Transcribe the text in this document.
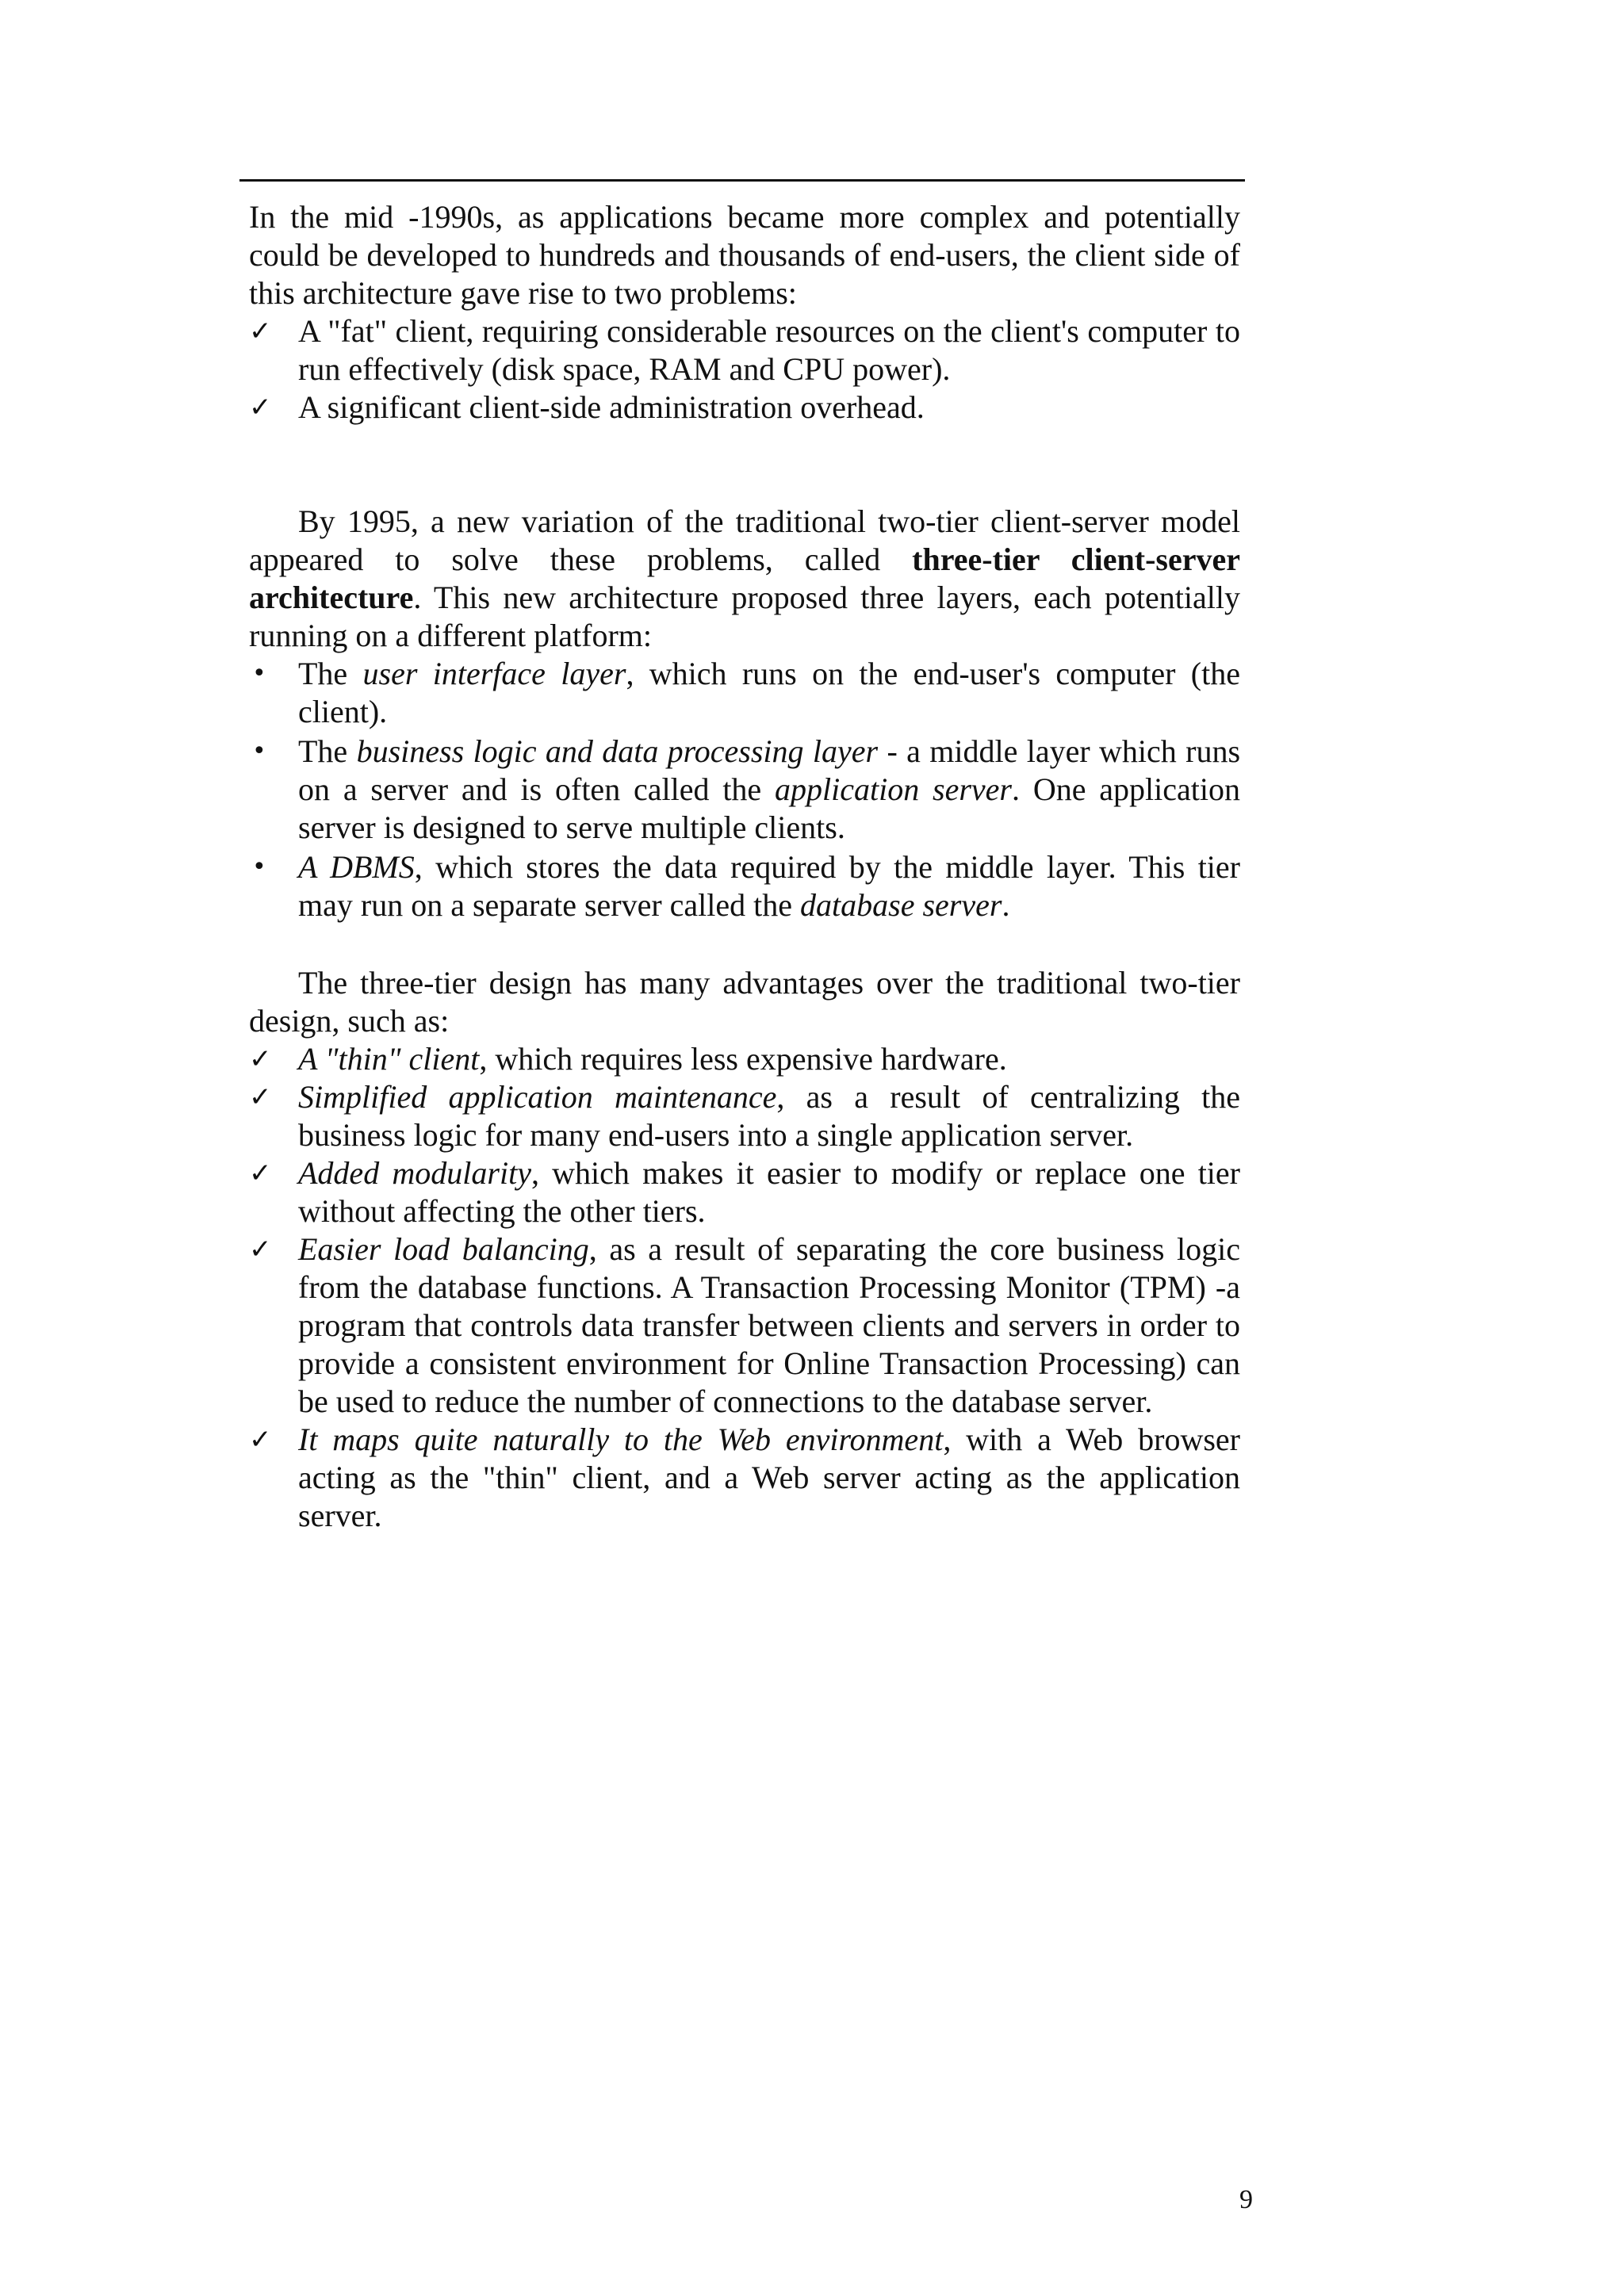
In the mid -1990s, as applications became more complex and potentially could be developed to hundreds and thousands of end-users, the client side of this architecture gave rise to two problems:

✓ A "fat" client, requiring considerable resources on the client's computer to run effectively (disk space, RAM and CPU power).
✓ A significant client-side administration overhead.

By 1995, a new variation of the traditional two-tier client-server model appeared to solve these problems, called three-tier client-server architecture. This new architecture proposed three layers, each potentially running on a different platform:

•	The user interface layer, which runs on the end-user's computer (the client).
•	The business logic and data processing layer - a middle layer which runs on a server and is often called the application server. One application server is designed to serve multiple clients.
•	A DBMS, which stores the data required by the middle layer. This tier may run on a separate server called the database server.

The three-tier design has many advantages over the traditional two-tier design, such as:

✓ A "thin" client, which requires less expensive hardware.
✓ Simplified application maintenance, as a result of centralizing the business logic for many end-users into a single application server.
✓ Added modularity, which makes it easier to modify or replace one tier without affecting the other tiers.
✓ Easier load balancing, as a result of separating the core business logic from the database functions. A Transaction Processing Monitor (TPM) -a program that controls data transfer between clients and servers in order to provide a consistent environment for Online Transaction Processing) can be used to reduce the number of connections to the database server.
✓ It maps quite naturally to the Web environment, with a Web browser acting as the "thin" client, and a Web server acting as the application server.
9
